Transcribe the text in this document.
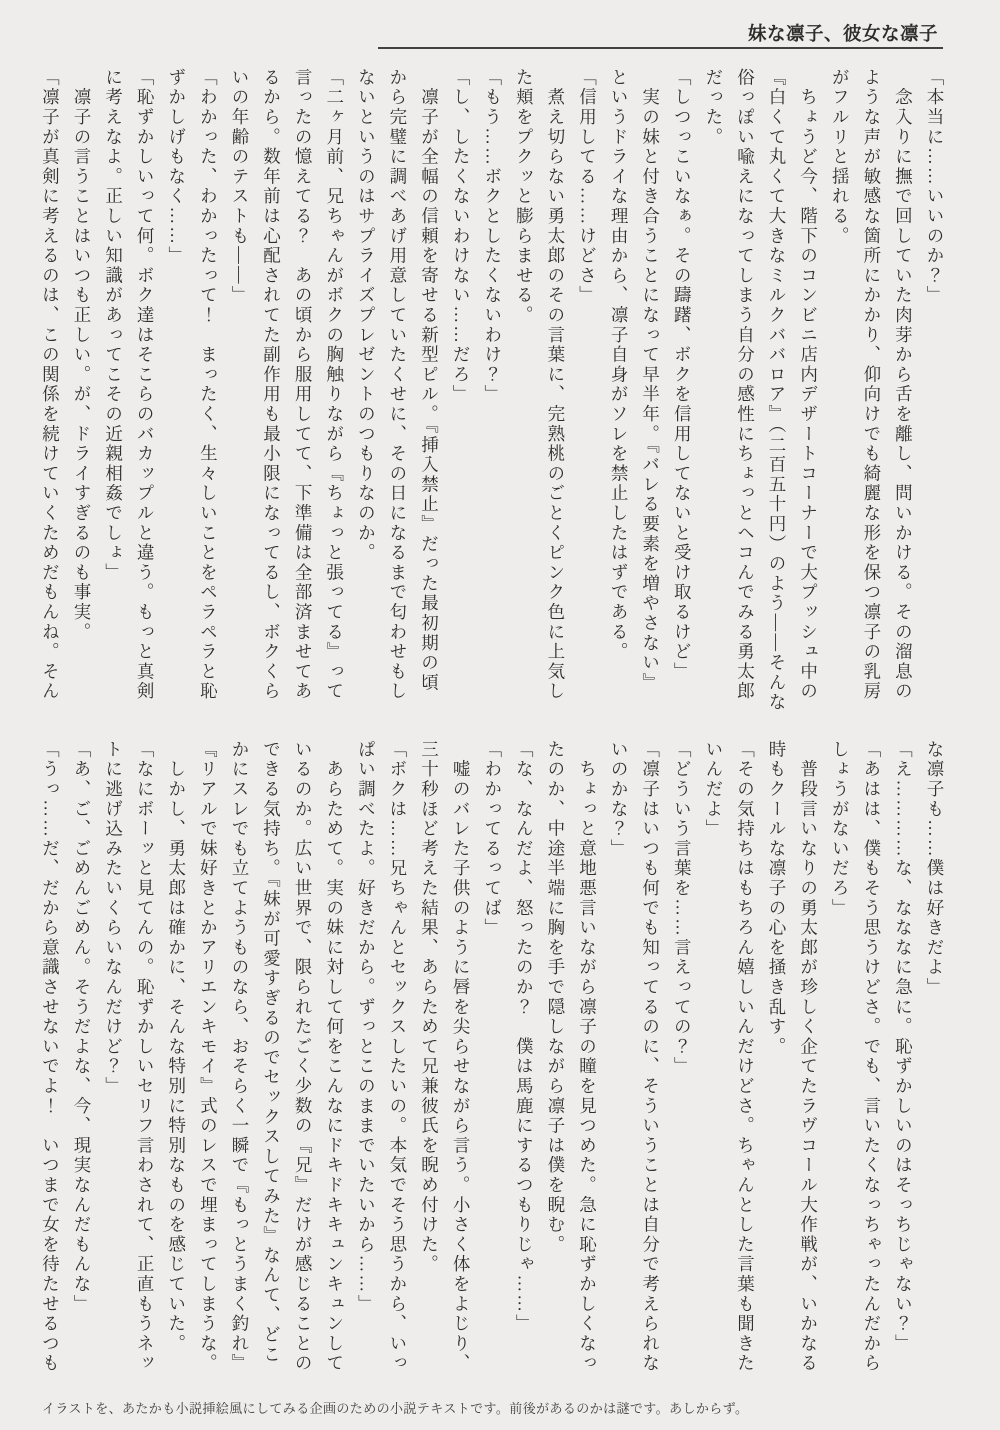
妹な凛子、彼女な凛子
「本当に……いいのか？」
　念入りに撫で回していた肉芽から舌を離し、問いかける。その溜息の
ような声が敏感な箇所にかかり、仰向けでも綺麗な形を保つ凛子の乳房
がフルリと揺れる。
　ちょうど今、階下のコンビニ店内デザートコーナーで大プッシュ中の
『白くて丸くて大きなミルクババロア』（二百五十円）のよう――そんな
俗っぽい喩えになってしまう自分の感性にちょっとヘコんでみる勇太郎
だった。
「しつっこいなぁ。その躊躇、ボクを信用してないと受け取るけど」
　実の妹と付き合うことになって早半年。『バレる要素を増やさない』
というドライな理由から、凛子自身がソレを禁止したはずである。
「信用してる……けどさ」
　煮え切らない勇太郎のその言葉に、完熟桃のごとくピンク色に上気し
た頬をプクッと膨らませる。
「もう……ボクとしたくないわけ？」
「し、したくないわけない……だろ」
　凛子が全幅の信頼を寄せる新型ピル。『挿入禁止』だった最初期の頃
から完璧に調べあげ用意していたくせに、その日になるまで匂わせもし
ないというのはサプライズプレゼントのつもりなのか。
「二ヶ月前、兄ちゃんがボクの胸触りながら『ちょっと張ってる』って
言ったの憶えてる？　あの頃から服用してて、下準備は全部済ませてあ
るから。数年前は心配されてた副作用も最小限になってるし、ボクくら
いの年齢のテストも――」
「わかった、わかったって！　まったく、生々しいことをペラペラと恥
ずかしげもなく……」
「恥ずかしいって何。ボク達はそこらのバカップルと違う。もっと真剣
に考えなよ。正しい知識があってこその近親相姦でしょ」
　凛子の言うことはいつも正しい。が、ドライすぎるのも事実。
「凛子が真剣に考えるのは、この関係を続けていくためだもんね。そん
な凛子も……僕は好きだよ」
「え…………な、なななに急に。恥ずかしいのはそっちじゃない？」
「あはは、僕もそう思うけどさ。でも、言いたくなっちゃったんだから
しょうがないだろ」
　普段言いなりの勇太郎が珍しく企てたラヴコール大作戦が、いかなる
時もクールな凛子の心を掻き乱す。
「その気持ちはもちろん嬉しいんだけどさ。ちゃんとした言葉も聞きた
いんだよ」
「どういう言葉を……言えっての？」
「凛子はいつも何でも知ってるのに、そういうことは自分で考えられな
いのかな？」
　ちょっと意地悪言いながら凛子の瞳を見つめた。急に恥ずかしくなっ
たのか、中途半端に胸を手で隠しながら凛子は僕を睨む。
「な、なんだよ、怒ったのか？　僕は馬鹿にするつもりじゃ……」
「わかってるってば」
　嘘のバレた子供のように唇を尖らせながら言う。小さく体をよじり、
三十秒ほど考えた結果、あらためて兄兼彼氏を睨め付けた。
「ボクは……兄ちゃんとセックスしたいの。本気でそう思うから、いっ
ぱい調べたよ。好きだから。ずっとこのままでいたいから……」
　あらためて。実の妹に対して何をこんなにドキドキキュンキュンして
いるのか。広い世界で、限られたごく少数の『兄』だけが感じることの
できる気持ち。『妹が可愛すぎるのでセックスしてみた』なんて、どこ
かにスレでも立てようものなら、おそらく一瞬で『もっとうまく釣れ』
『リアルで妹好きとかアリエンキモイ』式のレスで埋まってしまうな。
　しかし、勇太郎は確かに、そんな特別に特別なものを感じていた。
「なにボーッと見てんの。恥ずかしいセリフ言わされて、正直もうネッ
トに逃げ込みたいくらいなんだけど？」
「あ、ご、ごめんごめん。そうだよな、今、現実なんだもんな」
「うっ……だ、だから意識させないでよ！　いつまで女を待たせるつも
イラストを、あたかも小説挿絵風にしてみる企画のための小説テキストです。前後があるのかは謎です。あしからず。
